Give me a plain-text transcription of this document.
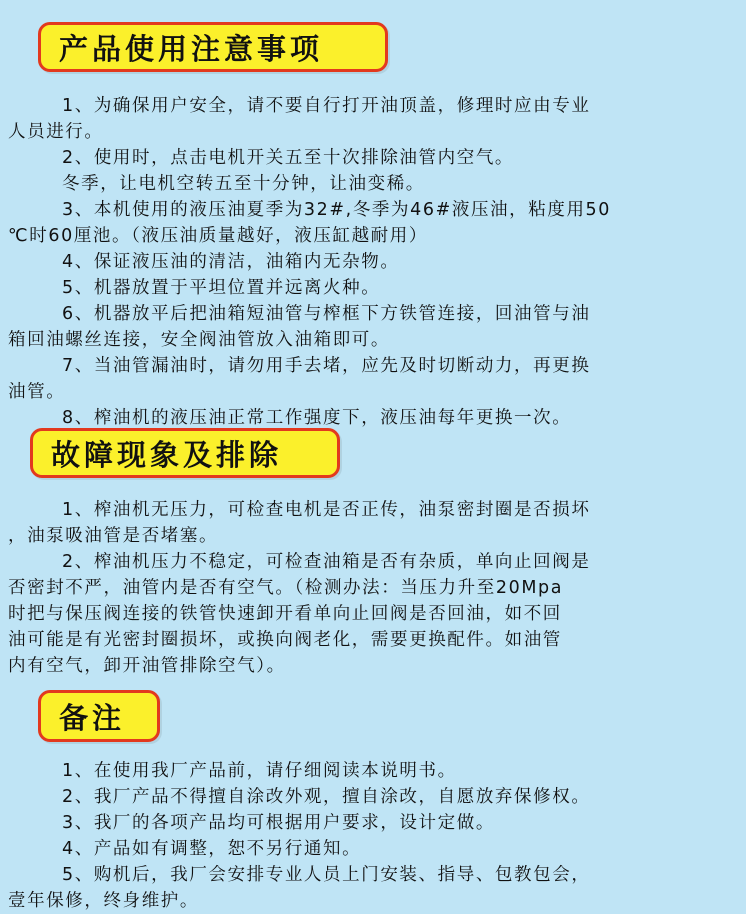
产品使用注意事项

1、为确保用户安全，请不要自行打开油顶盖，修理时应由专业

人员进行。

2、使用时，点击电机开关五至十次排除油管内空气。

冬季，让电机空转五至十分钟，让油变稀。

3、本机使用的液压油夏季为32#,冬季为46#液压油，粘度用50

℃时60厘池。（液压油质量越好，液压缸越耐用）

4、保证液压油的清洁，油箱内无杂物。

5、机器放置于平坦位置并远离火种。

6、机器放平后把油箱短油管与榨框下方铁管连接，回油管与油

箱回油螺丝连接，安全阀油管放入油箱即可。

7、当油管漏油时，请勿用手去堵，应先及时切断动力，再更换

油管。

8、榨油机的液压油正常工作强度下，液压油每年更换一次。

故障现象及排除

1、榨油机无压力，可检查电机是否正传，油泵密封圈是否损坏

，油泵吸油管是否堵塞。

2、榨油机压力不稳定，可检查油箱是否有杂质，单向止回阀是

否密封不严，油管内是否有空气。（检测办法：当压力升至20Mpa

时把与保压阀连接的铁管快速卸开看单向止回阀是否回油，如不回

油可能是有光密封圈损坏，或换向阀老化，需要更换配件。如油管

内有空气，卸开油管排除空气）。

备注

1、在使用我厂产品前，请仔细阅读本说明书。

2、我厂产品不得擅自涂改外观，擅自涂改，自愿放弃保修权。

3、我厂的各项产品均可根据用户要求，设计定做。

4、产品如有调整，恕不另行通知。

5、购机后，我厂会安排专业人员上门安装、指导、包教包会，

壹年保修，终身维护。
